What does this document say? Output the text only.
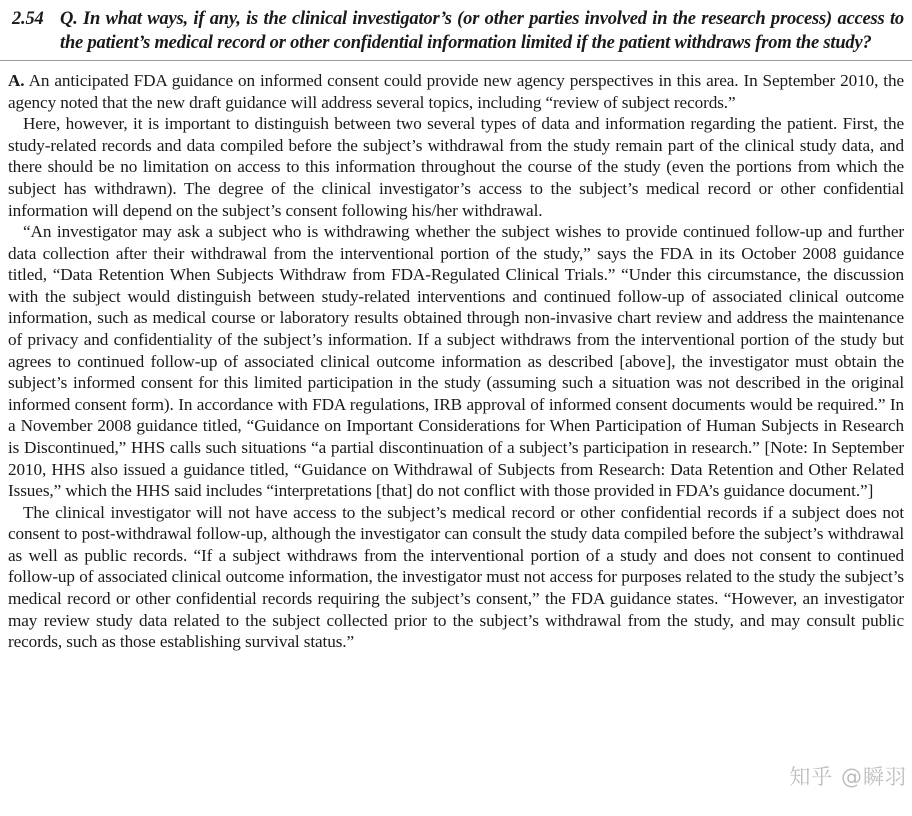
2.54 Q. In what ways, if any, is the clinical investigator’s (or other parties involved in the research process) access to the patient’s medical record or other confidential information limited if the patient withdraws from the study?

A. An anticipated FDA guidance on informed consent could provide new agency perspectives in this area. In September 2010, the agency noted that the new draft guidance will address several topics, including “review of subject records.”

Here, however, it is important to distinguish between two several types of data and information regarding the patient. First, the study-related records and data compiled before the subject’s withdrawal from the study remain part of the clinical study data, and there should be no limitation on access to this information throughout the course of the study (even the portions from which the subject has withdrawn). The degree of the clinical investigator’s access to the subject’s medical record or other confidential information will depend on the subject’s consent following his/her withdrawal.

“An investigator may ask a subject who is withdrawing whether the subject wishes to provide continued follow-up and further data collection after their withdrawal from the interventional portion of the study,” says the FDA in its October 2008 guidance titled, “Data Retention When Subjects Withdraw from FDA-Regulated Clinical Trials.” “Under this circumstance, the discussion with the subject would distinguish between study-related interventions and continued follow-up of associated clinical outcome information, such as medical course or laboratory results obtained through non-invasive chart review and address the maintenance of privacy and confidentiality of the subject’s information. If a subject withdraws from the interventional portion of the study but agrees to continued follow-up of associated clinical outcome information as described [above], the investigator must obtain the subject’s informed consent for this limited participation in the study (assuming such a situation was not described in the original informed consent form). In accordance with FDA regulations, IRB approval of informed consent documents would be required.” In a November 2008 guidance titled, “Guidance on Important Considerations for When Participation of Human Subjects in Research is Discontinued,” HHS calls such situations “a partial discontinuation of a subject’s participation in research.” [Note: In September 2010, HHS also issued a guidance titled, “Guidance on Withdrawal of Subjects from Research: Data Retention and Other Related Issues,” which the HHS said includes “interpretations [that] do not conflict with those provided in FDA’s guidance document.”]

The clinical investigator will not have access to the subject’s medical record or other confidential records if a subject does not consent to post-withdrawal follow-up, although the investigator can consult the study data compiled before the subject’s withdrawal as well as public records. “If a subject withdraws from the interventional portion of a study and does not consent to continued follow-up of associated clinical outcome information, the investigator must not access for purposes related to the study the subject’s medical record or other confidential records requiring the subject’s consent,” the FDA guidance states. “However, an investigator may review study data related to the subject collected prior to the subject’s withdrawal from the study, and may consult public records, such as those establishing survival status.”

知乎 @瞬羽
